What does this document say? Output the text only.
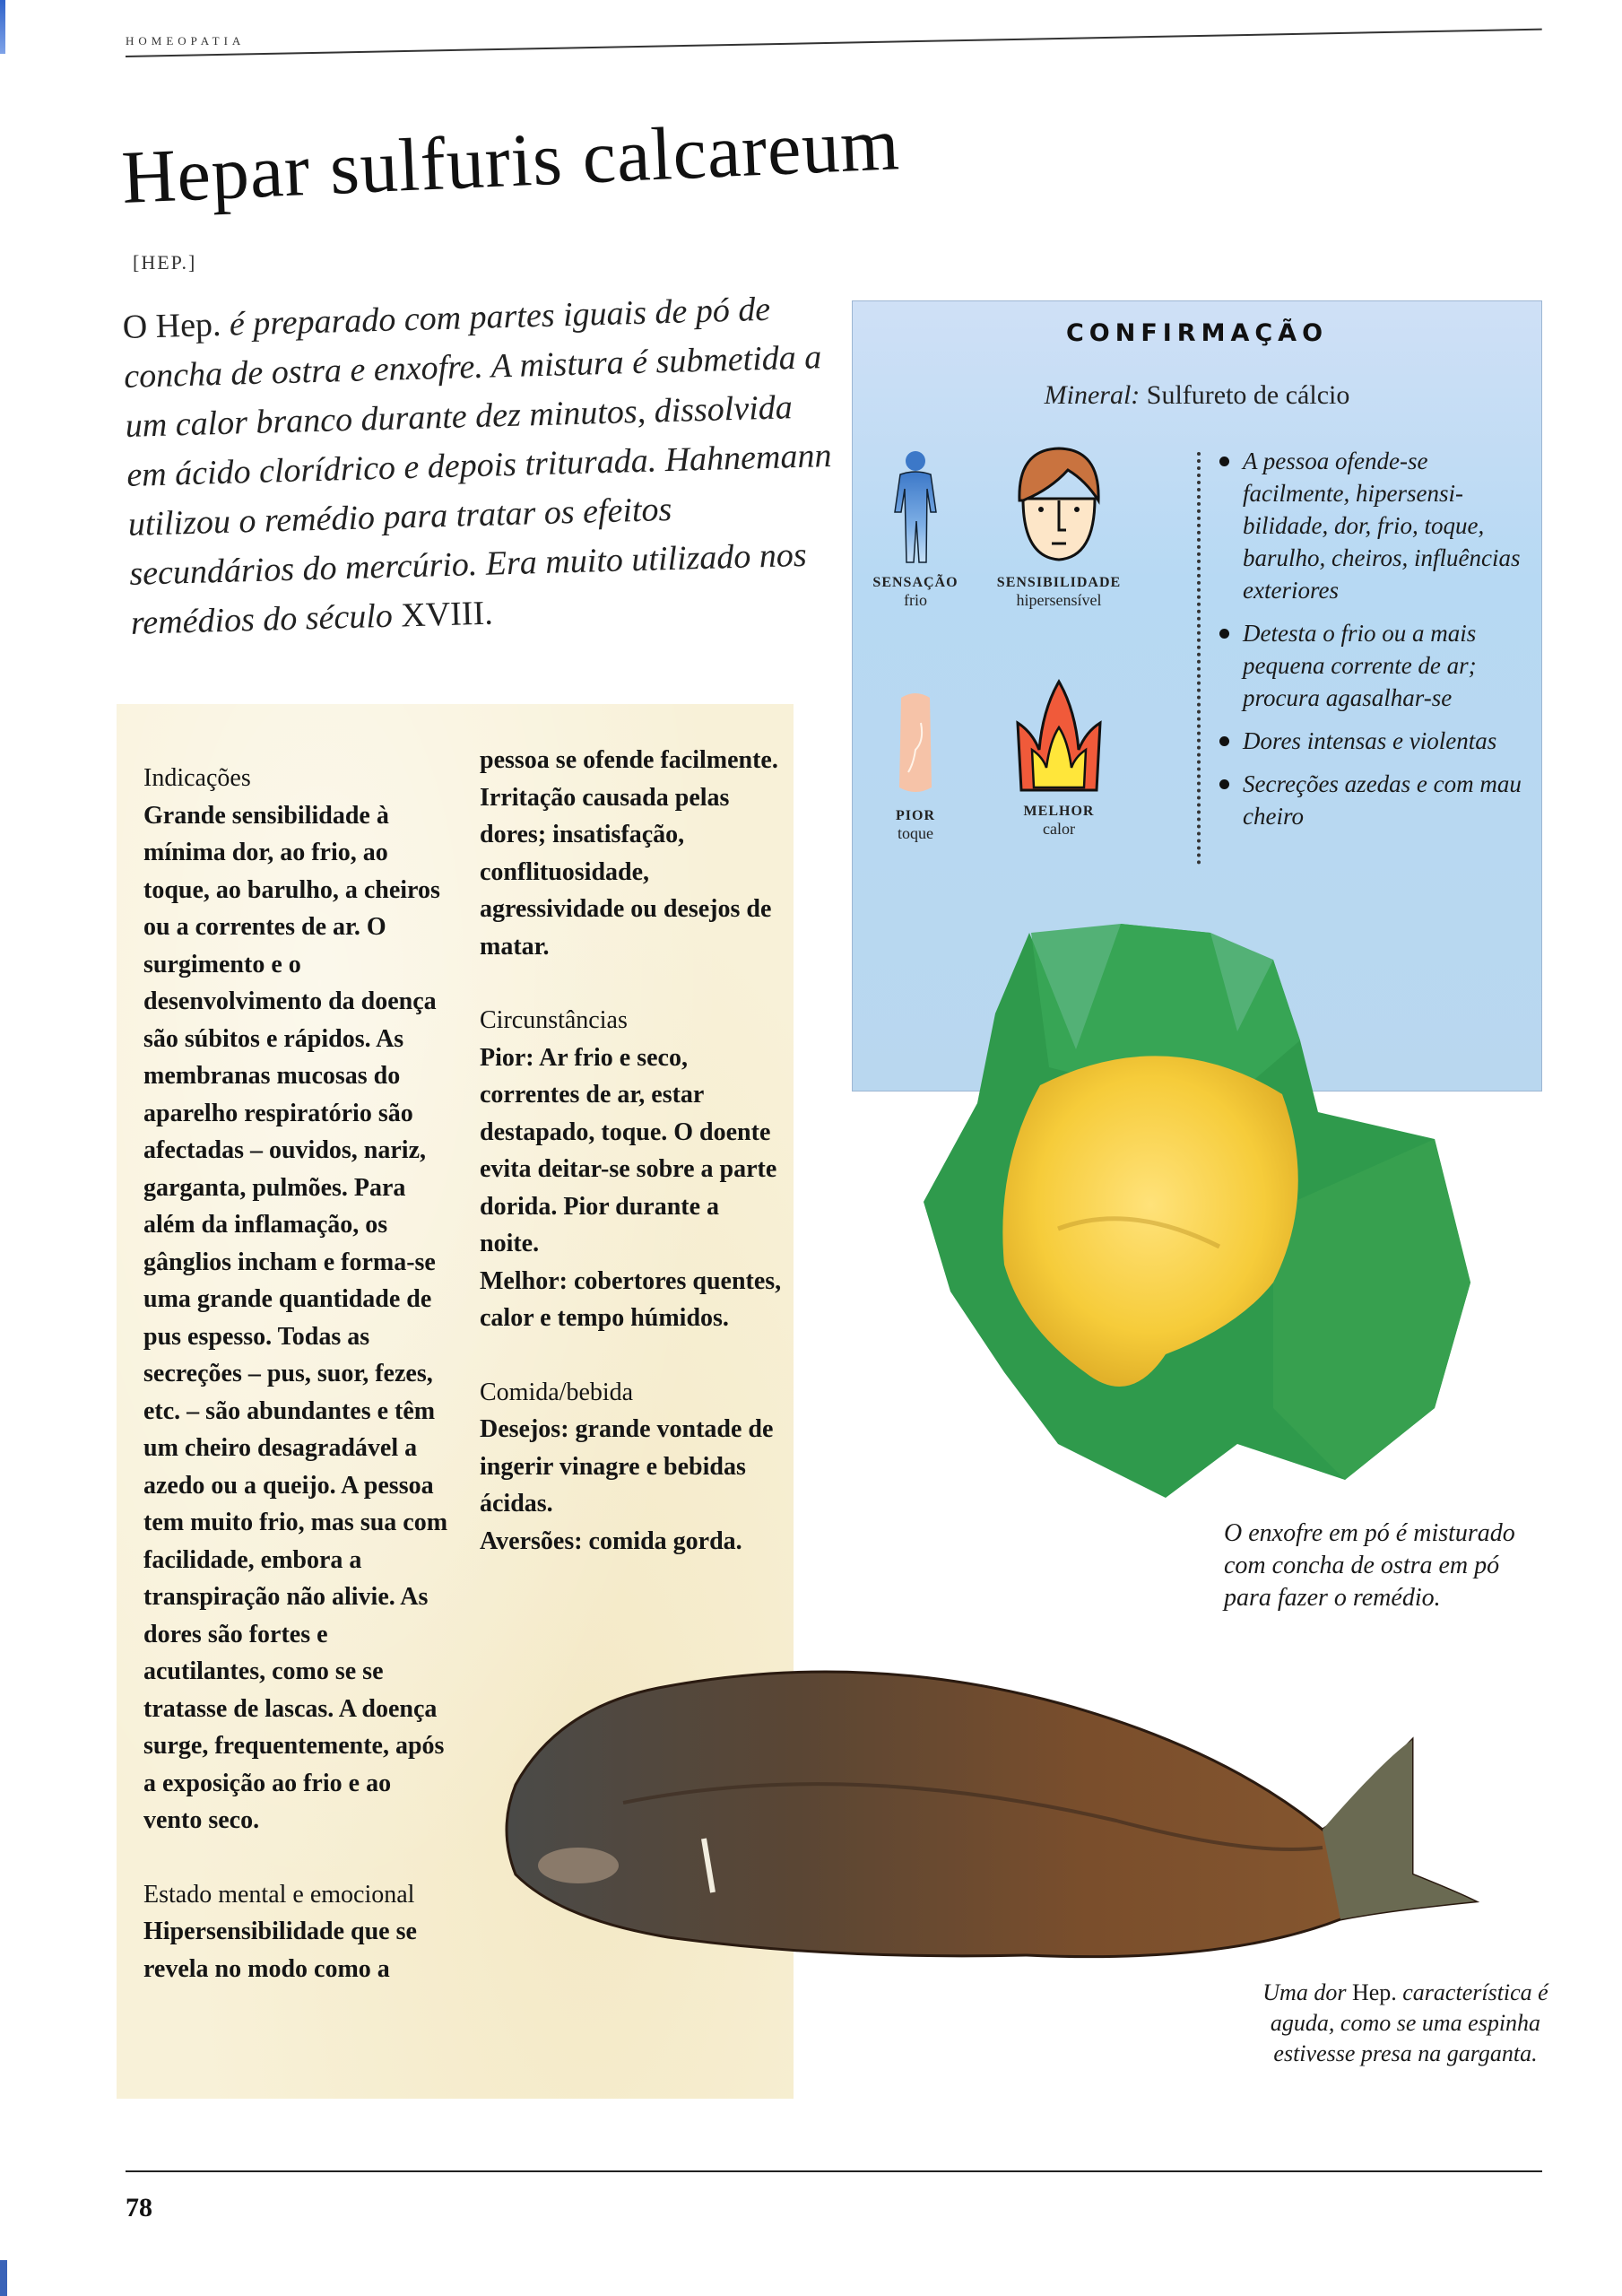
HOMEOPATIA
Hepar sulfuris calcareum
[HEP.]
O Hep. é preparado com partes iguais de pó de concha de ostra e enxofre. A mistura é submetida a um calor branco durante dez minutos, dissolvida em ácido clorídrico e depois triturada. Hahnemann utilizou o remédio para tratar os efeitos secundários do mercúrio. Era muito utilizado nos remédios do século XVIII.
CONFIRMAÇÃO
Mineral: Sulfureto de cálcio
SENSAÇÃO
frio
SENSIBILIDADE
hipersensível
PIOR
toque
MELHOR
calor
A pessoa ofende-se facilmente, hipersensi-bilidade, dor, frio, toque, barulho, cheiros, influências exteriores
Detesta o frio ou a mais pequena corrente de ar; procura agasalhar-se
Dores intensas e violentas
Secreções azedas e com mau cheiro
O enxofre em pó é misturado com concha de ostra em pó para fazer o remédio.

Indicações

Grande sensibilidade à mínima dor, ao frio, ao toque, ao barulho, a cheiros ou a correntes de ar. O surgimento e o desenvolvimento da doença são súbitos e rápidos. As membranas mucosas do aparelho respiratório são afectadas – ouvidos, nariz, garganta, pulmões. Para além da inflamação, os gânglios incham e forma-se uma grande quantidade de pus espesso. Todas as secreções – pus, suor, fezes, etc. – são abundantes e têm um cheiro desagradável a azedo ou a queijo. A pessoa tem muito frio, mas sua com facilidade, embora a transpiração não alivie. As dores são fortes e acutilantes, como se se tratasse de lascas. A doença surge, frequentemente, após a exposição ao frio e ao vento seco.

Estado mental e emocional

Hipersensibilidade que se revela no modo como a

pessoa se ofende facilmente. Irritação causada pelas dores; insatisfação, conflituosidade, agressividade ou desejos de matar.

Circunstâncias

Pior: Ar frio e seco, correntes de ar, estar destapado, toque. O doente evita deitar-se sobre a parte dorida. Pior durante a noite.

Melhor: cobertores quentes, calor e tempo húmidos.

Comida/bebida

Desejos: grande vontade de ingerir vinagre e bebidas ácidas.

Aversões: comida gorda.

Uma dor Hep. característica é aguda, como se uma espinha estivesse presa na garganta.
78
